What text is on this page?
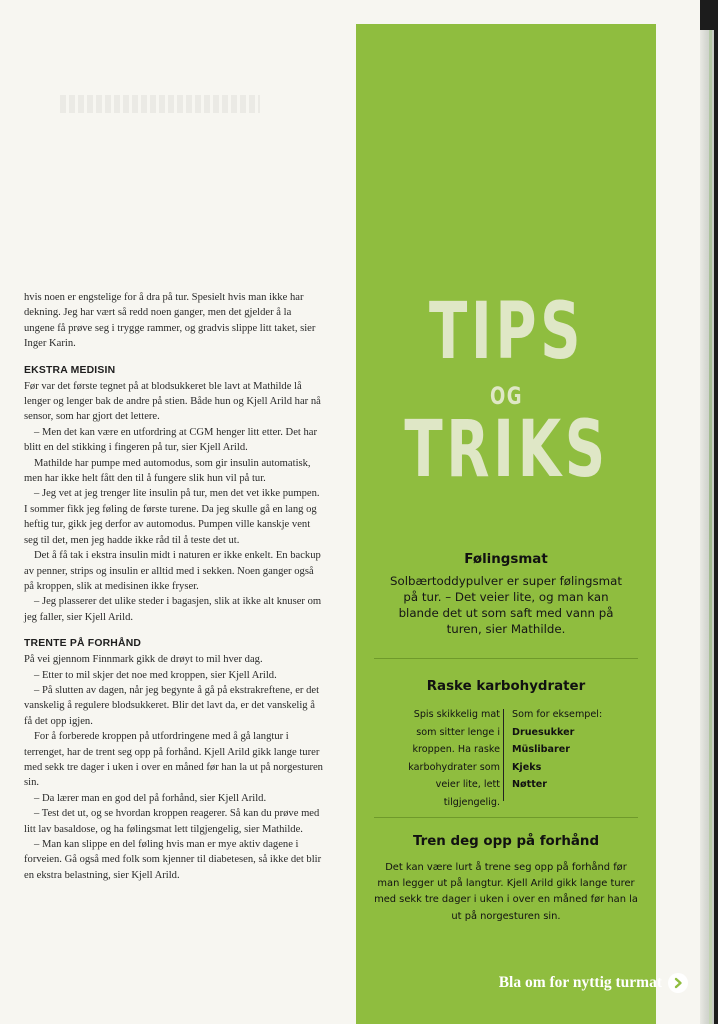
hvis noen er engstelige for å dra på tur. Spesielt hvis man ikke har dekning. Jeg har vært så redd noen ganger, men det gjelder å la ungene få prøve seg i trygge rammer, og gradvis slippe litt taket, sier Inger Karin.

EKSTRA MEDISIN

Før var det første tegnet på at blodsukkeret ble lavt at Mathilde lå lenger og lenger bak de andre på stien. Både hun og Kjell Arild har nå sensor, som har gjort det lettere.

– Men det kan være en utfordring at CGM henger litt etter. Det har blitt en del stikking i fingeren på tur, sier Kjell Arild.

Mathilde har pumpe med automodus, som gir insulin automatisk, men har ikke helt fått den til å fungere slik hun vil på tur.

– Jeg vet at jeg trenger lite insulin på tur, men det vet ikke pumpen. I sommer fikk jeg føling de første turene. Da jeg skulle gå en lang og heftig tur, gikk jeg derfor av automodus. Pumpen ville kanskje vent seg til det, men jeg hadde ikke råd til å teste det ut.

Det å få tak i ekstra insulin midt i naturen er ikke enkelt. En backup av penner, strips og insulin er alltid med i sekken. Noen ganger også på kroppen, slik at medisinen ikke fryser.

– Jeg plasserer det ulike steder i bagasjen, slik at ikke alt knuser om jeg faller, sier Kjell Arild.

TRENTE PÅ FORHÅND

På vei gjennom Finnmark gikk de drøyt to mil hver dag.

– Etter to mil skjer det noe med kroppen, sier Kjell Arild.

– På slutten av dagen, når jeg begynte å gå på ekstrakreftene, er det vanskelig å regulere blodsukkeret. Blir det lavt da, er det vanskelig å få det opp igjen.

For å forberede kroppen på utfordringene med å gå langtur i terrenget, har de trent seg opp på forhånd. Kjell Arild gikk lange turer med sekk tre dager i uken i over en måned før han la ut på norgesturen sin.

– Da lærer man en god del på forhånd, sier Kjell Arild.

– Test det ut, og se hvordan kroppen reagerer. Så kan du prøve med litt lav basaldose, og ha følingsmat lett tilgjengelig, sier Mathilde.

– Man kan slippe en del føling hvis man er mye aktiv dagene i forveien. Gå også med folk som kjenner til diabetesen, så ikke det blir en ekstra belastning, sier Kjell Arild.

TIPS
OG
TRIKS
Følingsmat
Solbærtoddypulver er super følingsmat på tur. – Det veier lite, og man kan blande det ut som saft med vann på turen, sier Mathilde.
Raske karbohydrater
Spis skikkelig mat som sitter lenge i kroppen. Ha raske karbohydrater som veier lite, lett tilgjengelig.
Som for eksempel:
Druesukker
Müslibarer
Kjeks
Nøtter
Tren deg opp på forhånd
Det kan være lurt å trene seg opp på forhånd før man legger ut på langtur. Kjell Arild gikk lange turer med sekk tre dager i uken i over en måned før han la ut på norgesturen sin.
Bla om for nyttig turmat
